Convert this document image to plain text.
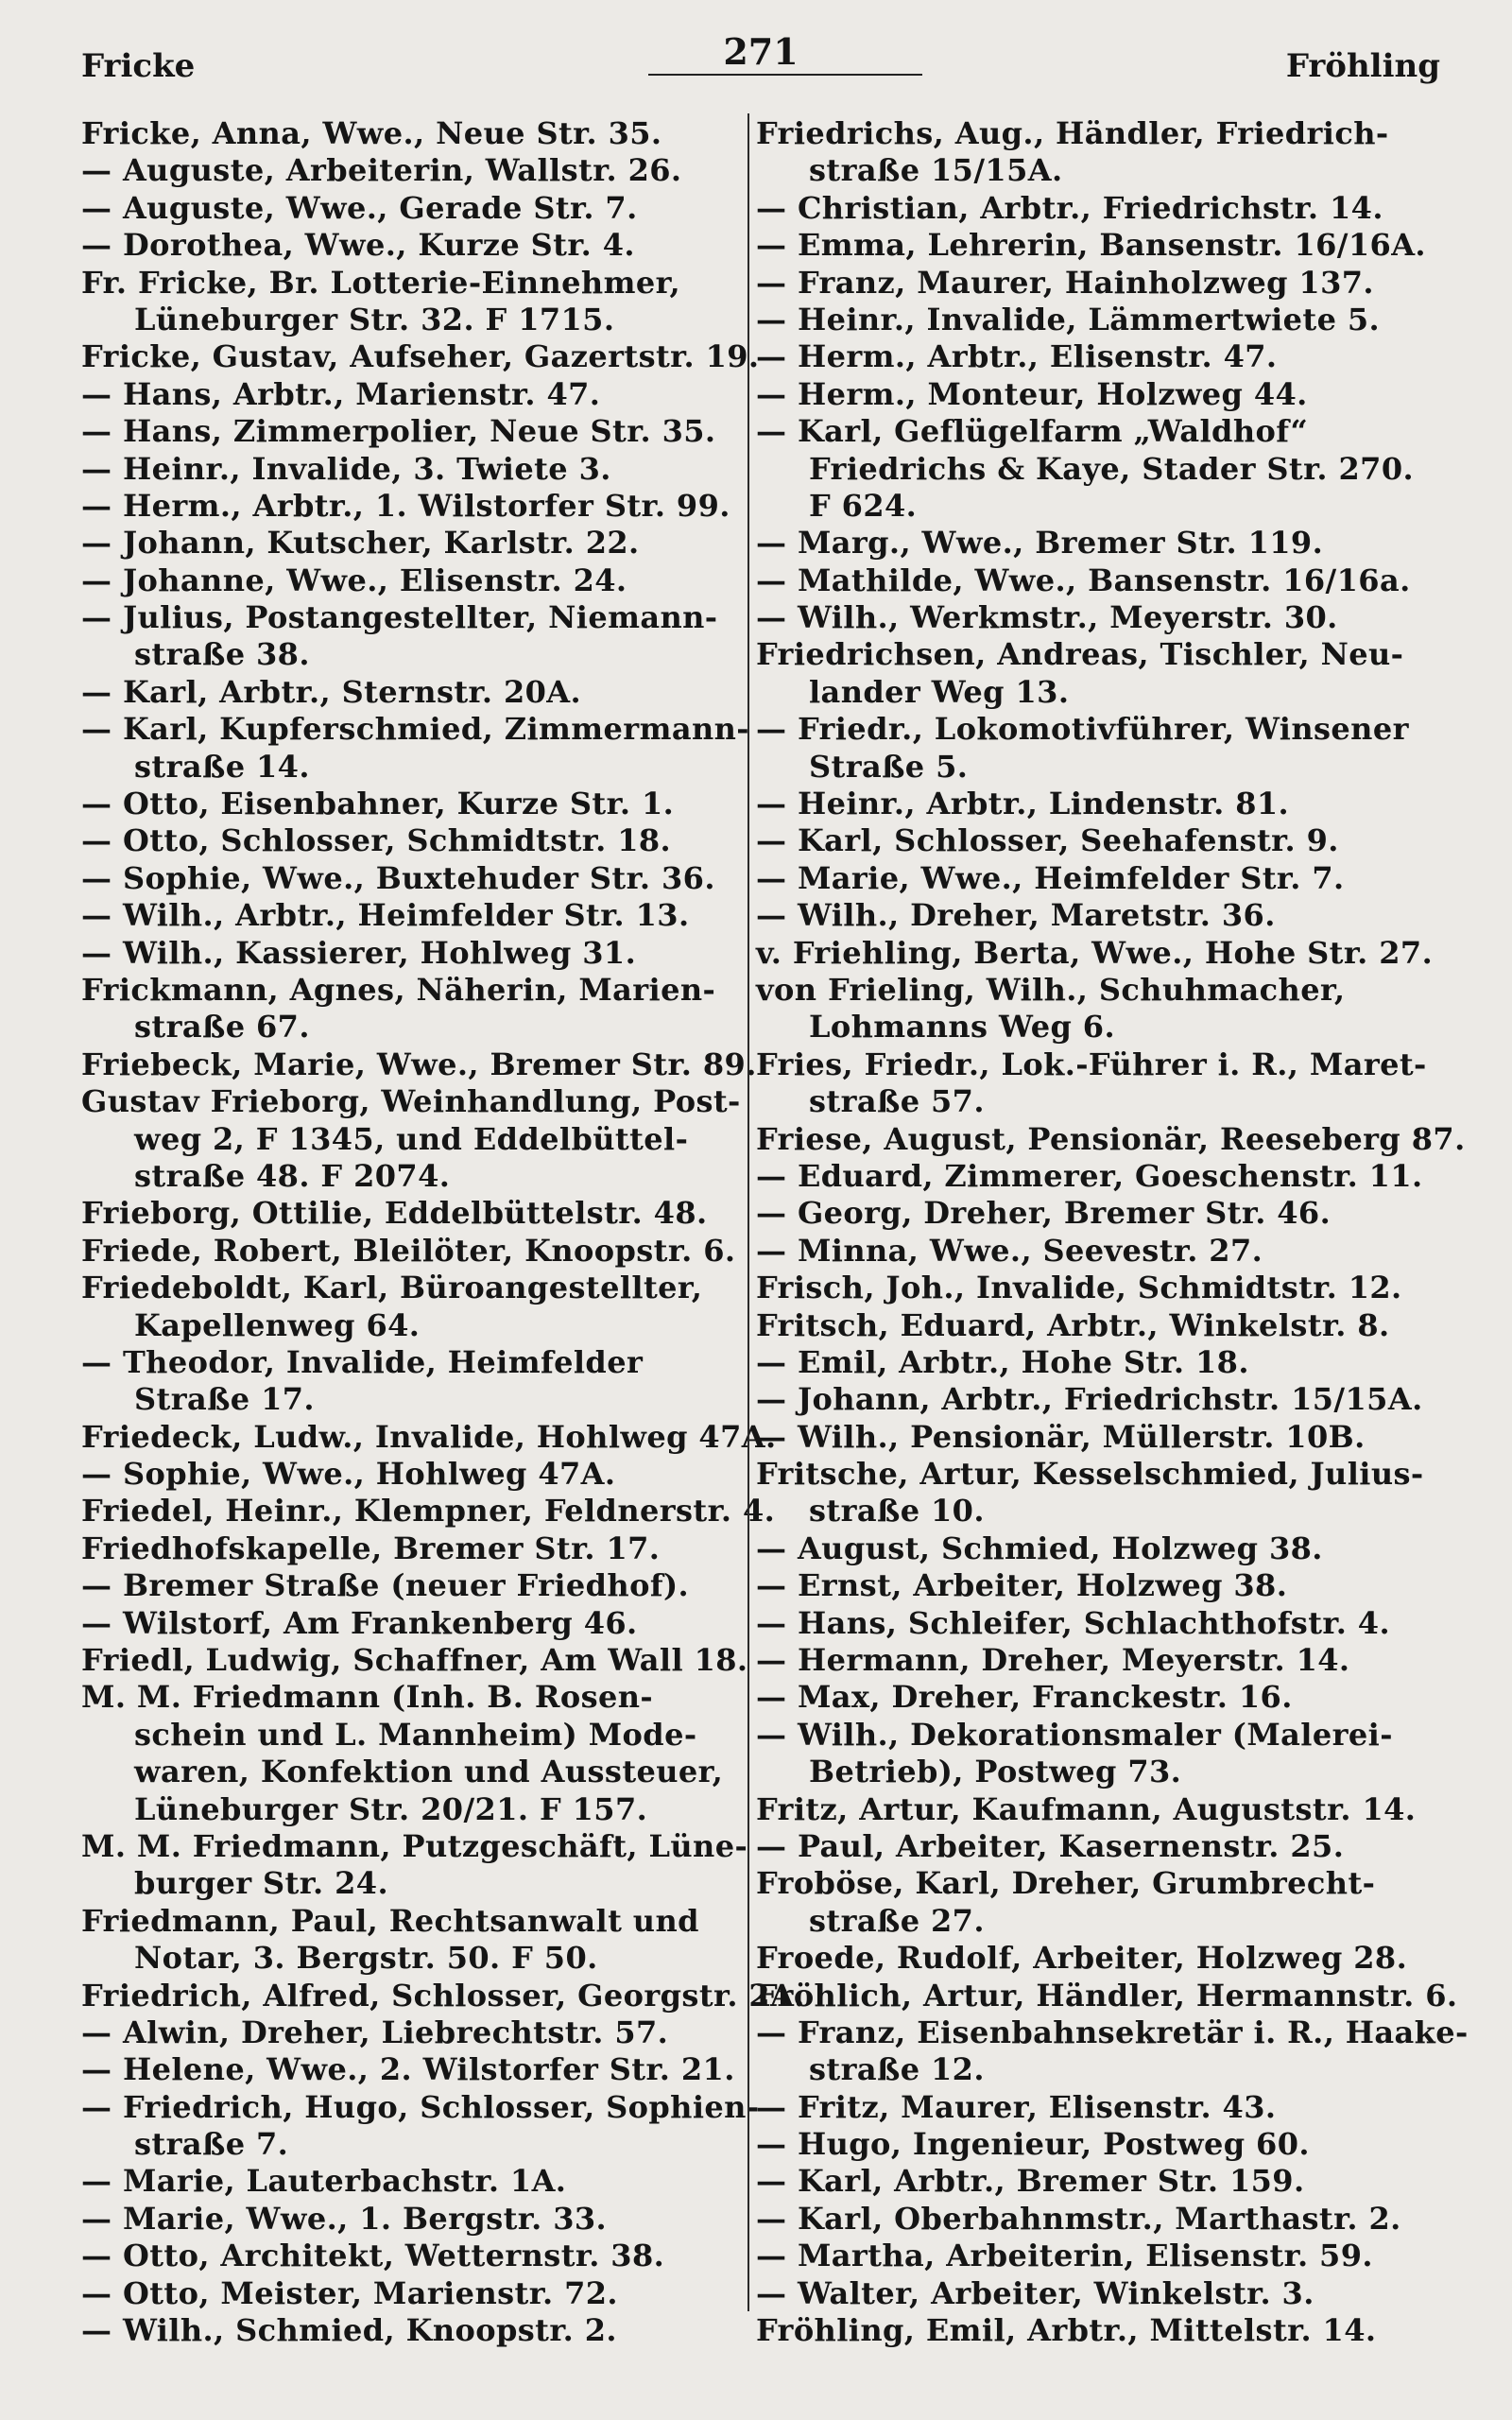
Fricke	271	Fröhling
Fricke, Anna, Wwe., Neue Str. 35.
— Auguste, Arbeiterin, Wallstr. 26.
— Auguste, Wwe., Gerade Str. 7.
— Dorothea, Wwe., Kurze Str. 4.
Fr. Fricke, Br. Lotterie-Einnehmer,
Lüneburger Str. 32. F 1715.
Fricke, Gustav, Aufseher, Gazertstr. 19.
— Hans, Arbtr., Marienstr. 47.
— Hans, Zimmerpolier, Neue Str. 35.
— Heinr., Invalide, 3. Twiete 3.
— Herm., Arbtr., 1. Wilstorfer Str. 99.
— Johann, Kutscher, Karlstr. 22.
— Johanne, Wwe., Elisenstr. 24.
— Julius, Postangestellter, Niemann-
straße 38.
— Karl, Arbtr., Sternstr. 20A.
— Karl, Kupferschmied, Zimmermann-
straße 14.
— Otto, Eisenbahner, Kurze Str. 1.
— Otto, Schlosser, Schmidtstr. 18.
— Sophie, Wwe., Buxtehuder Str. 36.
— Wilh., Arbtr., Heimfelder Str. 13.
— Wilh., Kassierer, Hohlweg 31.
Frickmann, Agnes, Näherin, Marien-
straße 67.
Friebeck, Marie, Wwe., Bremer Str. 89.
Gustav Frieborg, Weinhandlung, Post-
weg 2, F 1345, und Eddelbüttel-
straße 48. F 2074.
Frieborg, Ottilie, Eddelbüttelstr. 48.
Friede, Robert, Bleilöter, Knoopstr. 6.
Friedeboldt, Karl, Büroangestellter,
Kapellenweg 64.
— Theodor, Invalide, Heimfelder
Straße 17.
Friedeck, Ludw., Invalide, Hohlweg 47A.
— Sophie, Wwe., Hohlweg 47A.
Friedel, Heinr., Klempner, Feldnerstr. 4.
Friedhofskapelle, Bremer Str. 17.
— Bremer Straße (neuer Friedhof).
— Wilstorf, Am Frankenberg 46.
Friedl, Ludwig, Schaffner, Am Wall 18.
M. M. Friedmann (Inh. B. Rosen-
schein und L. Mannheim) Mode-
waren, Konfektion und Aussteuer,
Lüneburger Str. 20/21. F 157.
M. M. Friedmann, Putzgeschäft, Lüne-
burger Str. 24.
Friedmann, Paul, Rechtsanwalt und
Notar, 3. Bergstr. 50. F 50.
Friedrich, Alfred, Schlosser, Georgstr. 2A.
— Alwin, Dreher, Liebrechtstr. 57.
— Helene, Wwe., 2. Wilstorfer Str. 21.
— Friedrich, Hugo, Schlosser, Sophien-
straße 7.
— Marie, Lauterbachstr. 1A.
— Marie, Wwe., 1. Bergstr. 33.
— Otto, Architekt, Wetternstr. 38.
— Otto, Meister, Marienstr. 72.
— Wilh., Schmied, Knoopstr. 2.
Friedrichs, Aug., Händler, Friedrich-
straße 15/15A.
— Christian, Arbtr., Friedrichstr. 14.
— Emma, Lehrerin, Bansenstr. 16/16A.
— Franz, Maurer, Hainholzweg 137.
— Heinr., Invalide, Lämmertwiete 5.
— Herm., Arbtr., Elisenstr. 47.
— Herm., Monteur, Holzweg 44.
— Karl, Geflügelfarm „Waldhof“
Friedrichs & Kaye, Stader Str. 270.
F 624.
— Marg., Wwe., Bremer Str. 119.
— Mathilde, Wwe., Bansenstr. 16/16a.
— Wilh., Werkmstr., Meyerstr. 30.
Friedrichsen, Andreas, Tischler, Neu-
lander Weg 13.
— Friedr., Lokomotivführer, Winsener
Straße 5.
— Heinr., Arbtr., Lindenstr. 81.
— Karl, Schlosser, Seehafenstr. 9.
— Marie, Wwe., Heimfelder Str. 7.
— Wilh., Dreher, Maretstr. 36.
v. Friehling, Berta, Wwe., Hohe Str. 27.
von Frieling, Wilh., Schuhmacher,
Lohmanns Weg 6.
Fries, Friedr., Lok.-Führer i. R., Maret-
straße 57.
Friese, August, Pensionär, Reeseberg 87.
— Eduard, Zimmerer, Goeschenstr. 11.
— Georg, Dreher, Bremer Str. 46.
— Minna, Wwe., Seevestr. 27.
Frisch, Joh., Invalide, Schmidtstr. 12.
Fritsch, Eduard, Arbtr., Winkelstr. 8.
— Emil, Arbtr., Hohe Str. 18.
— Johann, Arbtr., Friedrichstr. 15/15A.
— Wilh., Pensionär, Müllerstr. 10B.
Fritsche, Artur, Kesselschmied, Julius-
straße 10.
— August, Schmied, Holzweg 38.
— Ernst, Arbeiter, Holzweg 38.
— Hans, Schleifer, Schlachthofstr. 4.
— Hermann, Dreher, Meyerstr. 14.
— Max, Dreher, Franckestr. 16.
— Wilh., Dekorationsmaler (Malerei-
Betrieb), Postweg 73.
Fritz, Artur, Kaufmann, Auguststr. 14.
— Paul, Arbeiter, Kasernenstr. 25.
Froböse, Karl, Dreher, Grumbrecht-
straße 27.
Froede, Rudolf, Arbeiter, Holzweg 28.
Fröhlich, Artur, Händler, Hermannstr. 6.
— Franz, Eisenbahnsekretär i. R., Haake-
straße 12.
— Fritz, Maurer, Elisenstr. 43.
— Hugo, Ingenieur, Postweg 60.
— Karl, Arbtr., Bremer Str. 159.
— Karl, Oberbahnmstr., Marthastr. 2.
— Martha, Arbeiterin, Elisenstr. 59.
— Walter, Arbeiter, Winkelstr. 3.
Fröhling, Emil, Arbtr., Mittelstr. 14.
